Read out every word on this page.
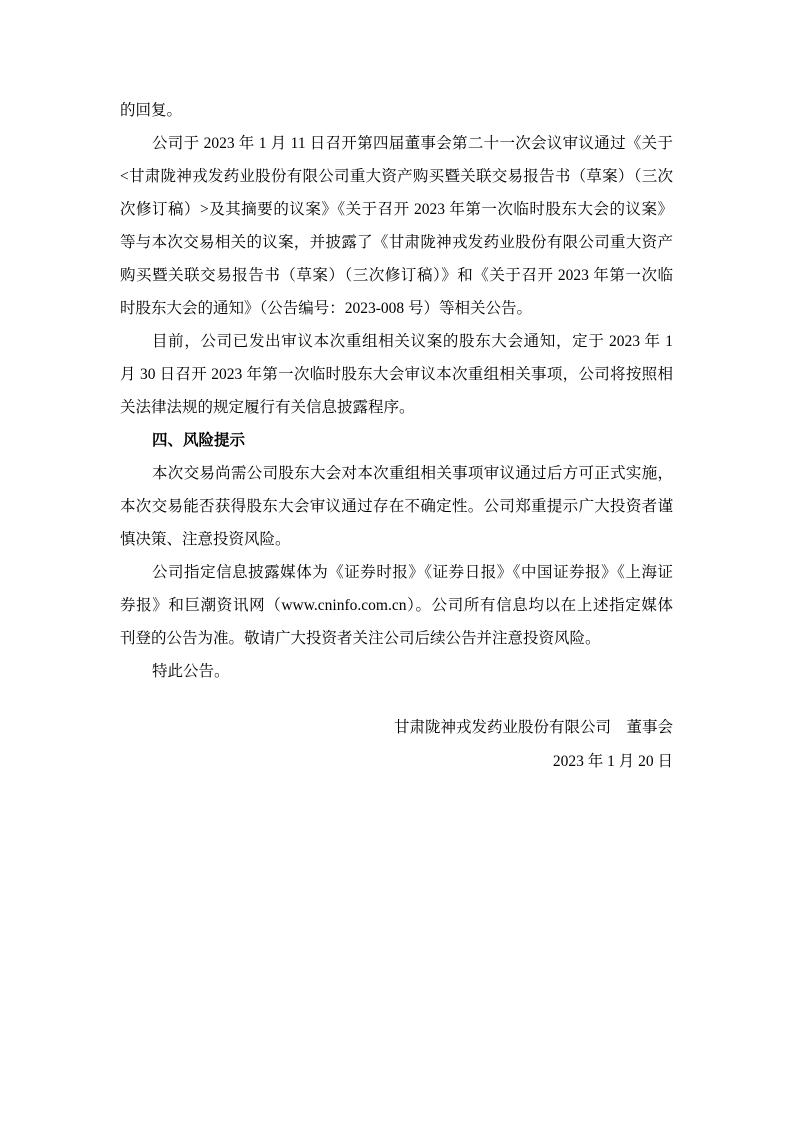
的回复。
公司于 2023 年 1 月 11 日召开第四届董事会第二十一次会议审议通过《关于
<甘肃陇神戎发药业股份有限公司重大资产购买暨关联交易报告书（草案）（三次
次修订稿）>及其摘要的议案》《关于召开 2023 年第一次临时股东大会的议案》
等与本次交易相关的议案，并披露了《甘肃陇神戎发药业股份有限公司重大资产
购买暨关联交易报告书（草案）（三次修订稿）》和《关于召开 2023 年第一次临
时股东大会的通知》（公告编号：2023-008 号）等相关公告。
目前，公司已发出审议本次重组相关议案的股东大会通知，定于 2023 年 1
月 30 日召开 2023 年第一次临时股东大会审议本次重组相关事项，公司将按照相
关法律法规的规定履行有关信息披露程序。
四、风险提示
本次交易尚需公司股东大会对本次重组相关事项审议通过后方可正式实施，
本次交易能否获得股东大会审议通过存在不确定性。公司郑重提示广大投资者谨
慎决策、注意投资风险。
公司指定信息披露媒体为《证券时报》《证券日报》《中国证券报》《上海证
券报》和巨潮资讯网（www.cninfo.com.cn）。公司所有信息均以在上述指定媒体
刊登的公告为准。敬请广大投资者关注公司后续公告并注意投资风险。
特此公告。
甘肃陇神戎发药业股份有限公司　董事会
2023 年 1 月 20 日
